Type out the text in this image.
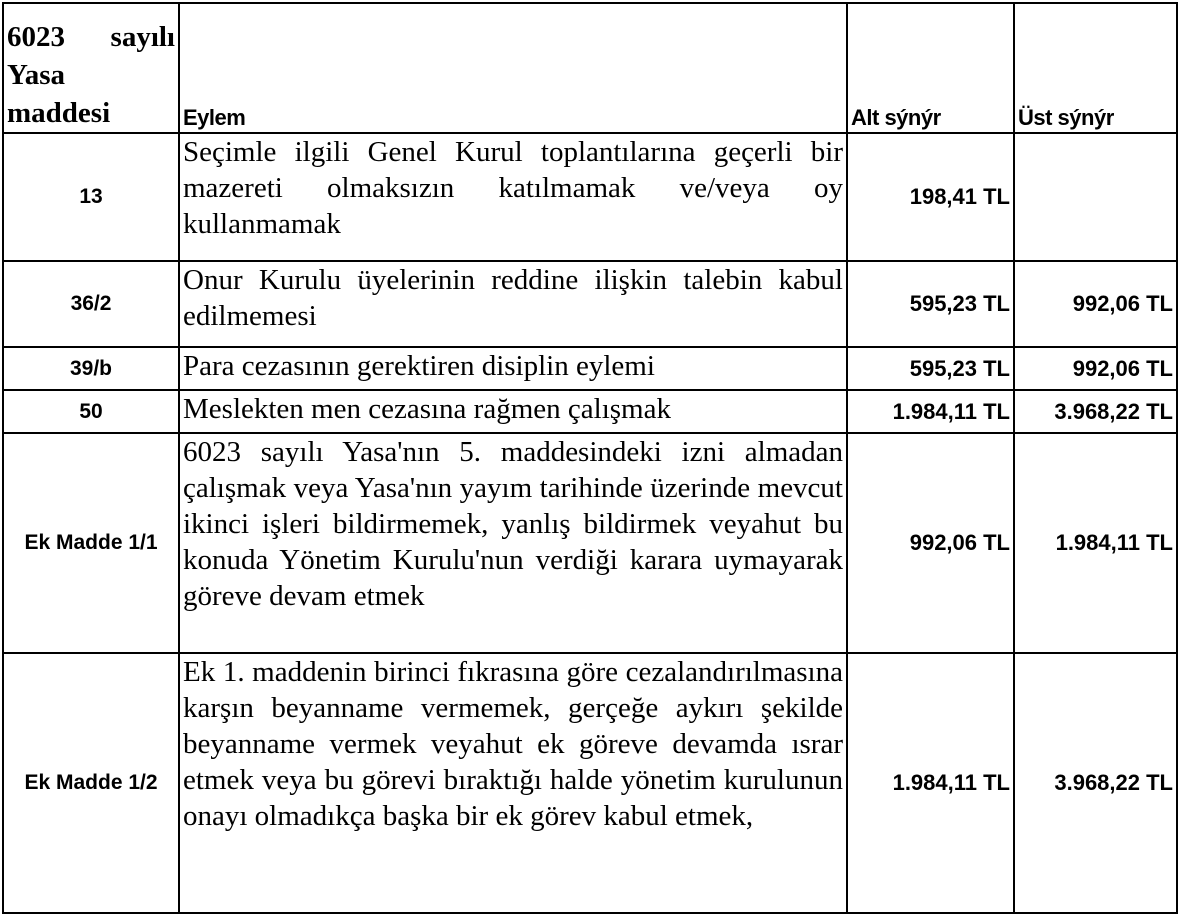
6023 sayılı Yasa maddesi	Eylem	Alt sýnýr	Üst sýnýr
13	Seçimle ilgili Genel Kurul toplantılarına geçerli bir mazereti olmaksızın katılmamak ve/veya oy kullanmamak	198,41 TL	
36/2	Onur Kurulu üyelerinin reddine ilişkin talebin kabul edilmemesi	595,23 TL	992,06 TL
39/b	Para cezasının gerektiren disiplin eylemi	595,23 TL	992,06 TL
50	Meslekten men cezasına rağmen çalışmak	1.984,11 TL	3.968,22 TL
Ek Madde 1/1	6023 sayılı Yasa'nın 5. maddesindeki izni almadan çalışmak veya Yasa'nın yayım tarihinde üzerinde mevcut ikinci işleri bildirmemek, yanlış bildirmek veyahut bu konuda Yönetim Kurulu'nun verdiği karara uymayarak göreve devam etmek	992,06 TL	1.984,11 TL
Ek Madde 1/2	Ek 1. maddenin birinci fıkrasına göre cezalandırılmasına karşın beyanname vermemek, gerçeğe aykırı şekilde beyanname vermek veyahut ek göreve devamda ısrar etmek veya bu görevi bıraktığı halde yönetim kurulunun onayı olmadıkça başka bir ek görev kabul etmek,	1.984,11 TL	3.968,22 TL
